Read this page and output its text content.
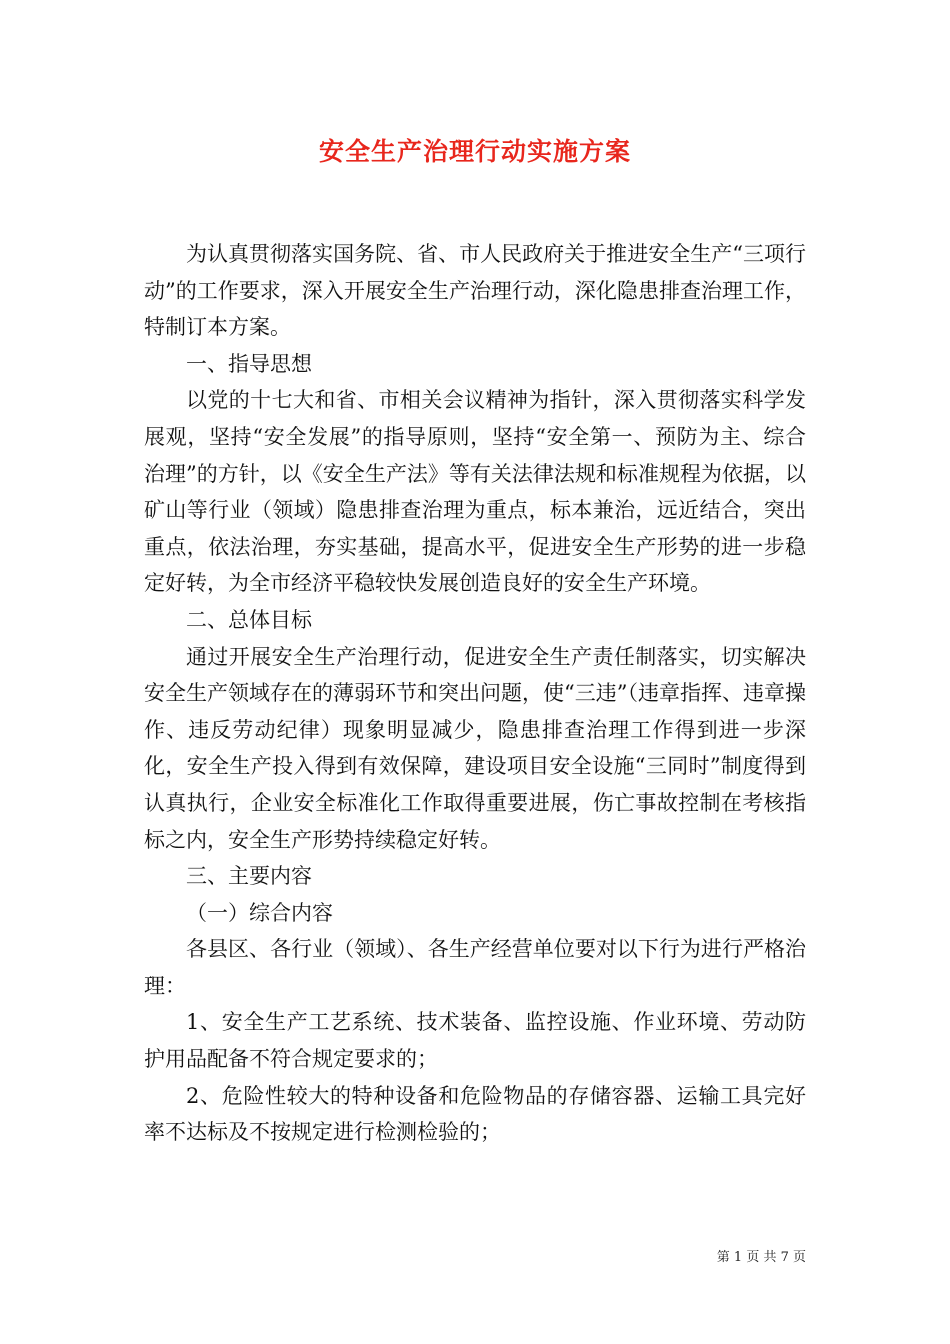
安全生产治理行动实施方案

为认真贯彻落实国务院、省、市人民政府关于推进安全生产“三项行动”的工作要求，深入开展安全生产治理行动，深化隐患排查治理工作，特制订本方案。

一、指导思想

以党的十七大和省、市相关会议精神为指针，深入贯彻落实科学发展观，坚持“安全发展”的指导原则，坚持“安全第一、预防为主、综合治理”的方针，以《安全生产法》等有关法律法规和标准规程为依据，以矿山等行业（领域）隐患排查治理为重点，标本兼治，远近结合，突出重点，依法治理，夯实基础，提高水平，促进安全生产形势的进一步稳定好转，为全市经济平稳较快发展创造良好的安全生产环境。

二、总体目标

通过开展安全生产治理行动，促进安全生产责任制落实，切实解决安全生产领域存在的薄弱环节和突出问题，使“三违”（违章指挥、违章操作、违反劳动纪律）现象明显减少，隐患排查治理工作得到进一步深化，安全生产投入得到有效保障，建设项目安全设施“三同时”制度得到认真执行，企业安全标准化工作取得重要进展，伤亡事故控制在考核指标之内，安全生产形势持续稳定好转。

三、主要内容

（一）综合内容

各县区、各行业（领域）、各生产经营单位要对以下行为进行严格治理：

1、安全生产工艺系统、技术装备、监控设施、作业环境、劳动防护用品配备不符合规定要求的；

2、危险性较大的特种设备和危险物品的存储容器、运输工具完好率不达标及不按规定进行检测检验的；

第 1 页 共 7 页
